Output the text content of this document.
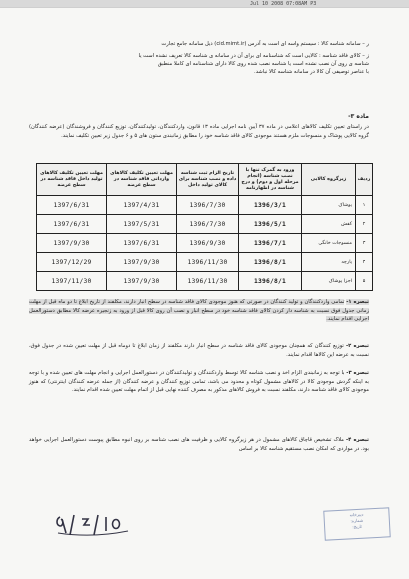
Jul 10 2008 07:08AM P3
ر – سامانه شناسه کالا : سیستم واسه ای است به آدرس (cid.mimt.ir) ذیل سامانه جامع تجارت
ز – کالای فاقد شناسه : کالایی است که شناسنامه ای برای آن در سامانه ی شناسه کالا تعریف نشده است یا
شناسه ی روی آن نصب نشده است یا شناسه نصب شده روی کالا دارای شناسنامه ای کاملا منطبق
با عناصر توصیفی آن کالا در سامانه شناسه کالا نباشد.
ماده ۳-
در راستای تعیین تکلیف کالاهای اعلامی در ماده ۳۷ آیین نامه اجرایی ماده ۱۳ قانون، واردکنندگان، تولیدکنندگان، توزیع کنندگان و فروشندگان (عرضه کنندگان) گروه کالایی پوشاک و منسوجات ملزم هستند موجودی کالای فاقد شناسه خود را مطابق زمانبندی ستون های ۵ و ۶ جدول زیر تعیین تکلیف نمایند.
ردیف	زیرگروه کالایی	ورود به گمرک تنها با نصب شناسه (انجام مرحله اول و دوم) و درج شناسه در اظهارنامه	تاریخ الزام ثبت شناسه داده و نصب شناسه برای کالای تولید داخل	مهلت تعیین تکلیف کالاهای وارداتی فاقد شناسه در سطح عرضه	مهلت تعیین تکلیف کالاهای تولید داخل فاقد شناسه در سطح عرضه
۱	پوشاک	1396/3/1	1396/7/30	1397/4/31	1397/6/31
۲	کفش	1396/5/1	1396/7/30	1397/5/31	1397/6/31
۳	منسوجات خانگی	1396/7/1	1396/9/30	1397/6/31	1397/9/30
۴	پارچه	1396/8/1	1396/11/30	1397/9/30	1397/12/29
۵	اجزا پوشاک	1396/8/1	1396/11/30	1397/9/30	1397/11/30
تبصره ۱- تمامی واردکنندگان و تولید کنندگان در صورتی که هنوز موجودی کالای فاقد شناسه در سطح انبار دارند، مکلفند از تاریخ ابلاغ تا دو ماه قبل از مهلت زمانی جدول فوق نسبت به شناسه دار کردن کالای فاقد شناسه خود در سطح انبار و نصب آن روی کالا قبل از ورود به زنجیره عرضه کالا مطابق دستورالعمل اجرایی اقدام نمایند.
تبصره ۲- توزیع کنندگان که همچنان موجودی کالای فاقد شناسه در سطح انبار دارند مکلفند از زمان ابلاغ تا دوماه قبل از مهلت تعیین شده در جدول فوق، نسبت به عرضه این کالاها اقدام نمایند.
تبصره ۳- با توجه به زمانبندی الزام اخذ و نصب شناسه کالا توسط واردکنندگان و تولیدکنندگان در دستورالعمل اجرایی و انجام مهلت های تعیین شده و با توجه به اینکه گردش موجودی کالا در کالاهای مشمول کوتاه و محدود می باشد، تمامی توزیع کنندگان و عرضه کنندگان (از جمله عرضه کنندگان اینترنتی) که هنوز موجودی کالای فاقد شناسه دارند، مکلفند نسبت به فروش کالاهای مذکور به مصرف کننده نهایی قبل از اتمام مهلت تعیین شده اقدام نمایند.
تبصره ۴- ملاک تشخیص قاچاق کالاهای مشمول در هر زیرگروه کالایی و ظرفیت های نصب شناسه بر روی انبوه مطابق پیوست دستورالعمل اجرایی خواهد بود. در مواردی که امکان نصب مستقیم شناسه کالا بر اساس
دبیرخانه
شماره:
تاریخ:
